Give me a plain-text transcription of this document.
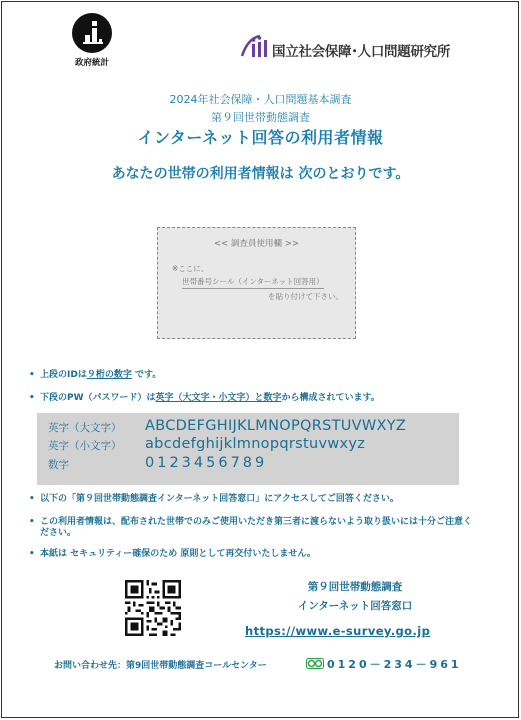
政府統計
国立社会保障･人口問題研究所
2024年社会保障・人口問題基本調査
第９回世帯動態調査
インターネット回答の利用者情報
あなたの世帯の利用者情報は 次のとおりです。
<< 調査員使用欄 >>
※ここに、
世帯番号シール（インターネット回答用）
を貼り付けて下さい。
• 上段のIDは９桁の数字 です。
• 下段のPW（パスワード）は英字（大文字・小文字）と数字から構成されています。
英字（大文字） ABCDEFGHIJKLMNOPQRSTUVWXYZ
英字（小文字） abcdefghijklmnopqrstuvwxyz
数字	0123456789
• 以下の「第９回世帯動態調査インターネット回答窓口」にアクセスしてご回答ください。
• この利用者情報は、配布された世帯でのみご使用いただき第三者に渡らないよう取り扱いには十分ご注意ください。
• 本紙は セキュリティー確保のため 原則として再交付いたしません。
第９回世帯動態調査
インターネット回答窓口
https://www.e-survey.go.jp
お問い合わせ先：第9回世帯動態調査コールセンター	0120－234－961
